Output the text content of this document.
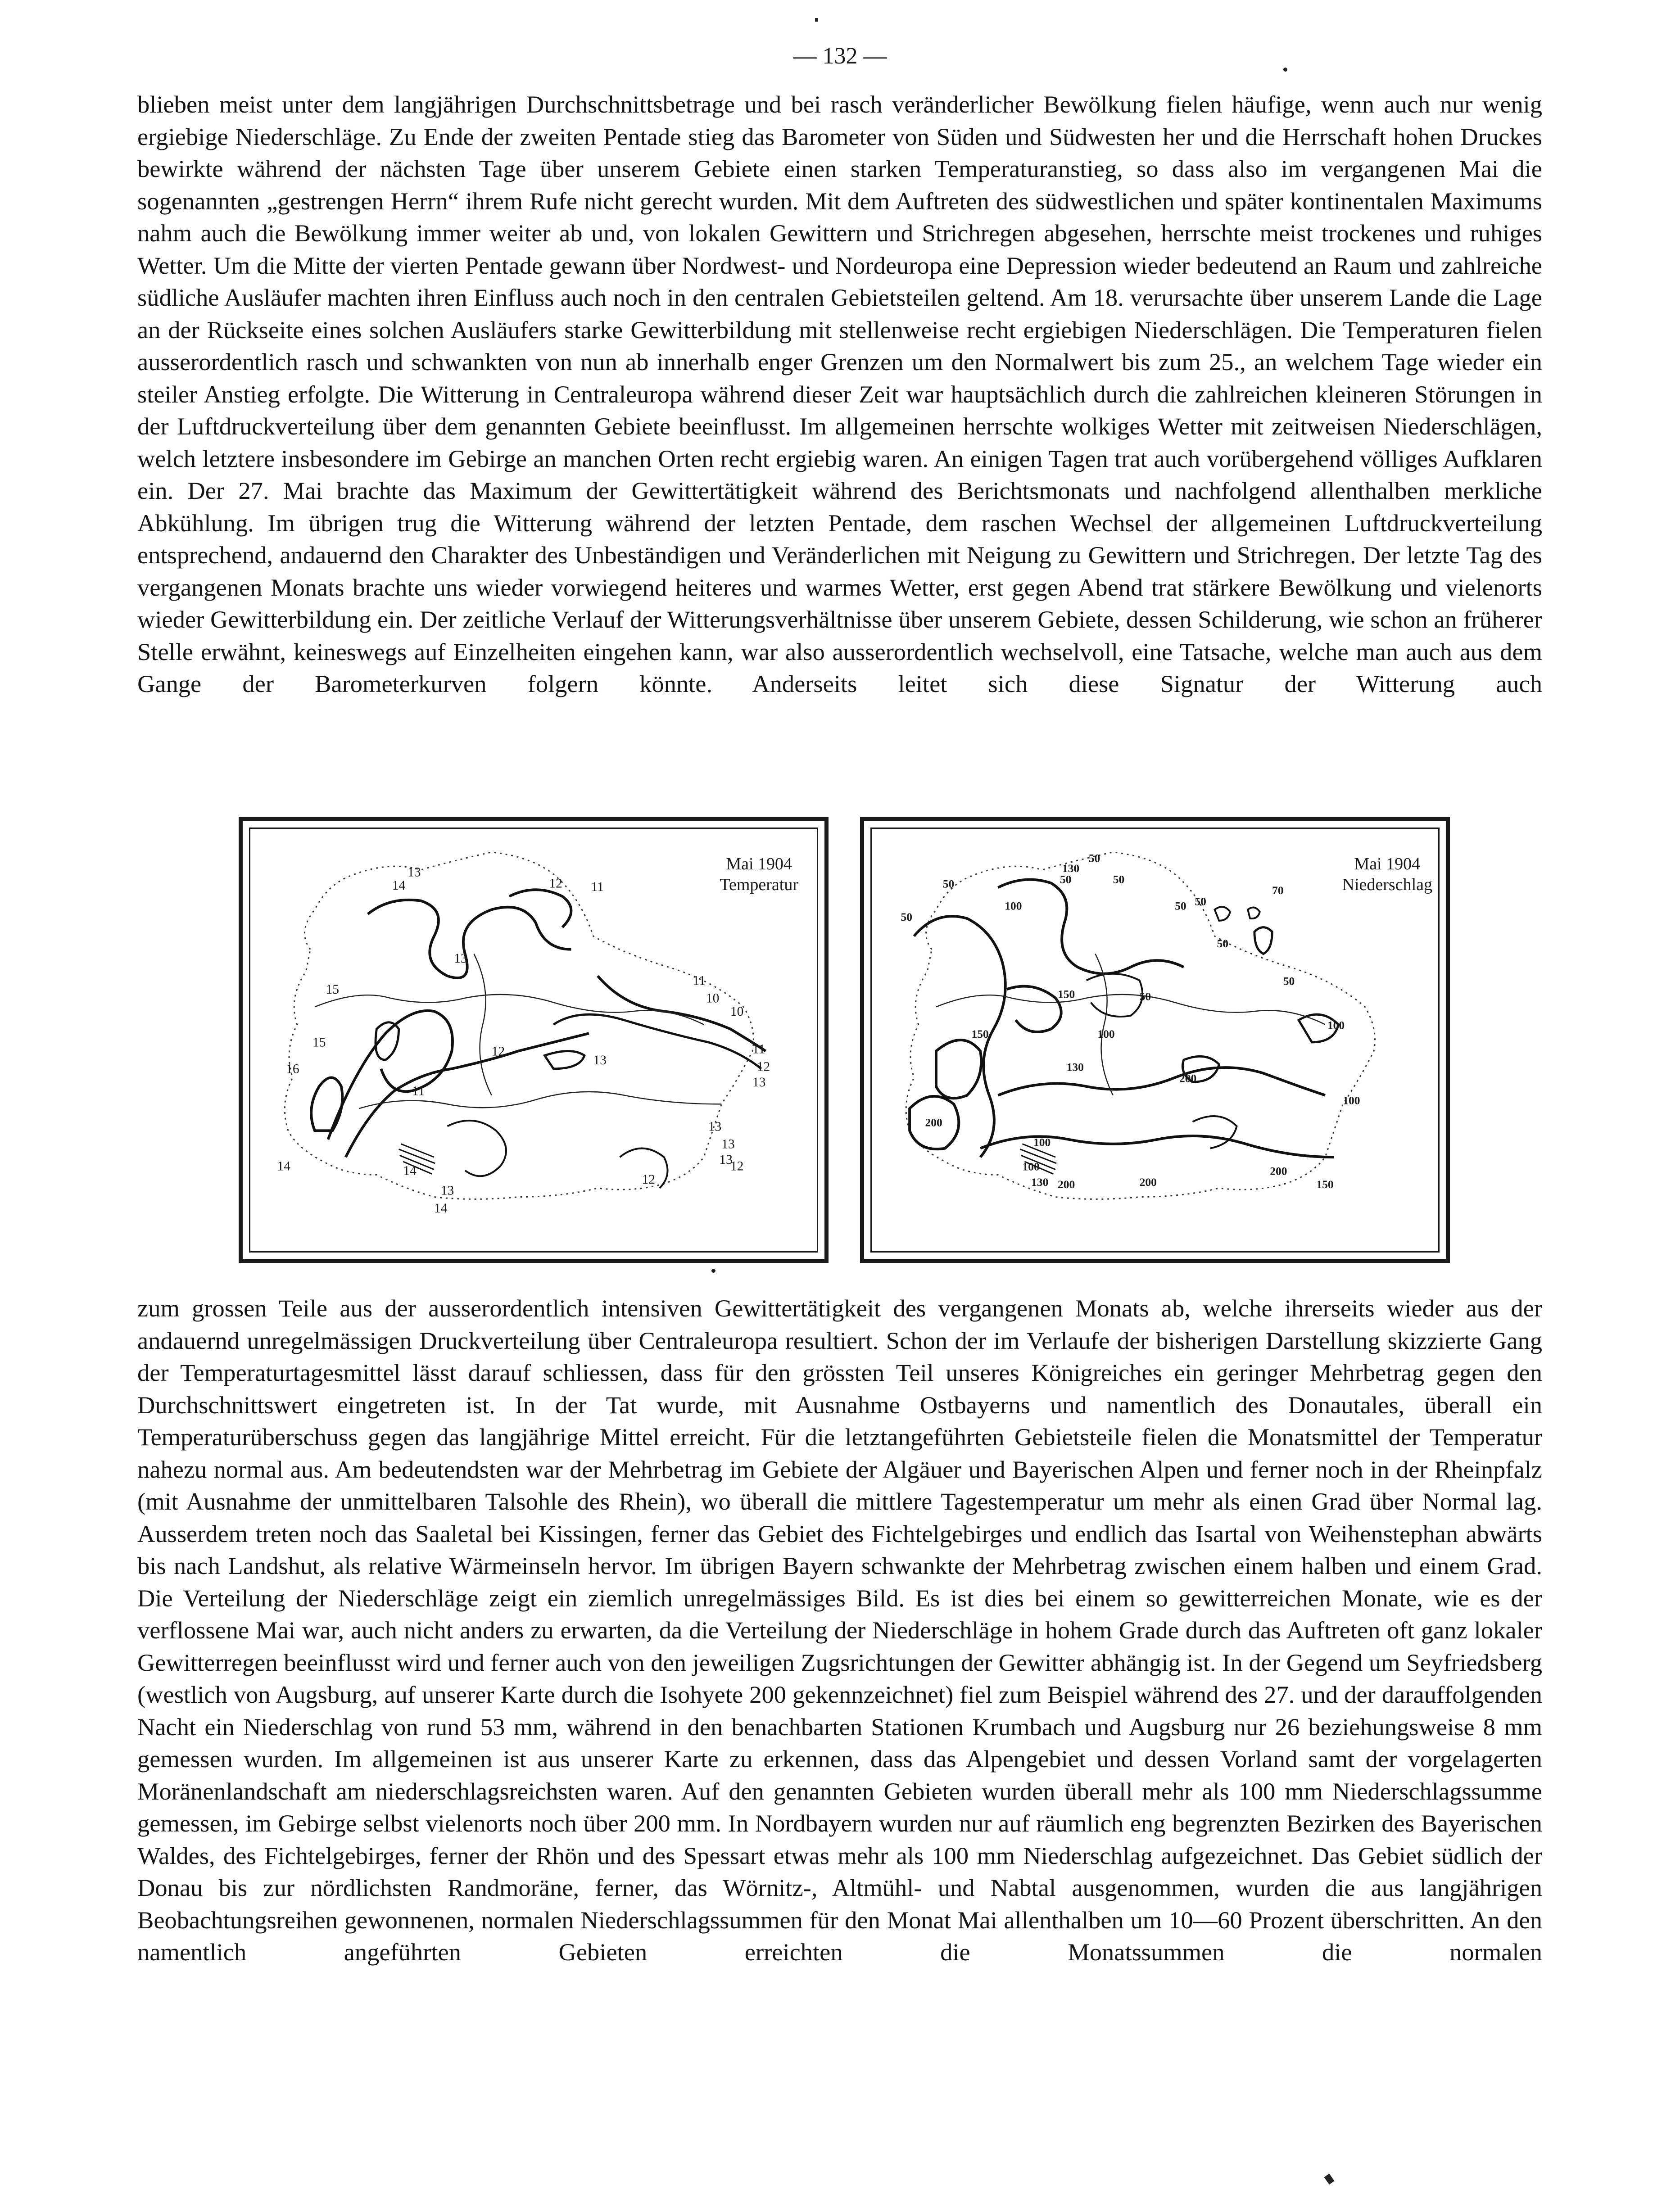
— 132 —

blieben meist unter dem langjährigen Durchschnittsbetrage und bei rasch veränderlicher Bewölkung fielen häufige, wenn auch nur wenig ergiebige Niederschläge. Zu Ende der zweiten Pentade stieg das Barometer von Süden und Südwesten her und die Herrschaft hohen Druckes bewirkte während der nächsten Tage über unserem Gebiete einen starken Temperaturanstieg, so dass also im vergangenen Mai die sogenannten „gestrengen Herrn“ ihrem Rufe nicht gerecht wurden. Mit dem Auftreten des südwestlichen und später kontinentalen Maximums nahm auch die Bewölkung immer weiter ab und, von lokalen Gewittern und Strichregen abgesehen, herrschte meist trockenes und ruhiges Wetter. Um die Mitte der vierten Pentade gewann über Nordwest- und Nordeuropa eine Depression wieder bedeutend an Raum und zahlreiche südliche Ausläufer machten ihren Einfluss auch noch in den centralen Gebietsteilen geltend. Am 18. verursachte über unserem Lande die Lage an der Rückseite eines solchen Ausläufers starke Gewitterbildung mit stellenweise recht ergiebigen Niederschlägen. Die Temperaturen fielen ausserordentlich rasch und schwankten von nun ab innerhalb enger Grenzen um den Normalwert bis zum 25., an welchem Tage wieder ein steiler Anstieg erfolgte. Die Witterung in Centraleuropa während dieser Zeit war hauptsächlich durch die zahlreichen kleineren Störungen in der Luftdruckverteilung über dem genannten Gebiete beeinflusst. Im allgemeinen herrschte wolkiges Wetter mit zeitweisen Niederschlägen, welch letztere insbesondere im Gebirge an manchen Orten recht ergiebig waren. An einigen Tagen trat auch vorübergehend völliges Aufklaren ein. Der 27. Mai brachte das Maximum der Gewittertätigkeit während des Berichtsmonats und nachfolgend allenthalben merkliche Abkühlung. Im übrigen trug die Witterung während der letzten Pentade, dem raschen Wechsel der allgemeinen Luftdruckverteilung entsprechend, andauernd den Charakter des Unbeständigen und Veränderlichen mit Neigung zu Gewittern und Strichregen. Der letzte Tag des vergangenen Monats brachte uns wieder vorwiegend heiteres und warmes Wetter, erst gegen Abend trat stärkere Bewölkung und vielenorts wieder Gewitterbildung ein. Der zeitliche Verlauf der Witterungsverhältnisse über unserem Gebiete, dessen Schilderung, wie schon an früherer Stelle erwähnt, keineswegs auf Einzelheiten eingehen kann, war also ausserordentlich wechselvoll, eine Tatsache, welche man auch aus dem Gange der Barometerkurven folgern könnte. Anderseits leitet sich diese Signatur der Witterung auch

13
14	12 11
13
15
11
10
10
15
12
13
11
16
11
12
13
13
14	14
13
13
12
12
13
14
Mai 1904
Temperatur
130
50
50
50
50
100
50
50
70
50
50
50
100
150	50
100
150
130
200
100
200
100
100
130 200	200
200
150
Mai 1904
Niederschlag

zum grossen Teile aus der ausserordentlich intensiven Gewittertätigkeit des vergangenen Monats ab, welche ihrerseits wieder aus der andauernd unregelmässigen Druckverteilung über Centraleuropa resultiert. Schon der im Verlaufe der bisherigen Darstellung skizzierte Gang der Temperaturtagesmittel lässt darauf schliessen, dass für den grössten Teil unseres Königreiches ein geringer Mehrbetrag gegen den Durchschnittswert eingetreten ist. In der Tat wurde, mit Ausnahme Ostbayerns und namentlich des Donautales, überall ein Temperaturüberschuss gegen das langjährige Mittel erreicht. Für die letztangeführten Gebietsteile fielen die Monatsmittel der Temperatur nahezu normal aus. Am bedeutendsten war der Mehrbetrag im Gebiete der Algäuer und Bayerischen Alpen und ferner noch in der Rheinpfalz (mit Ausnahme der unmittelbaren Talsohle des Rhein), wo überall die mittlere Tagestemperatur um mehr als einen Grad über Normal lag. Ausserdem treten noch das Saaletal bei Kissingen, ferner das Gebiet des Fichtelgebirges und endlich das Isartal von Weihenstephan abwärts bis nach Landshut, als relative Wärmeinseln hervor. Im übrigen Bayern schwankte der Mehrbetrag zwischen einem halben und einem Grad. Die Verteilung der Niederschläge zeigt ein ziemlich unregelmässiges Bild. Es ist dies bei einem so gewitterreichen Monate, wie es der verflossene Mai war, auch nicht anders zu erwarten, da die Verteilung der Niederschläge in hohem Grade durch das Auftreten oft ganz lokaler Gewitterregen beeinflusst wird und ferner auch von den jeweiligen Zugsrichtungen der Gewitter abhängig ist. In der Gegend um Seyfriedsberg (westlich von Augsburg, auf unserer Karte durch die Isohyete 200 gekennzeichnet) fiel zum Beispiel während des 27. und der darauffolgenden Nacht ein Niederschlag von rund 53 mm, während in den benachbarten Stationen Krumbach und Augsburg nur 26 beziehungsweise 8 mm gemessen wurden. Im allgemeinen ist aus unserer Karte zu erkennen, dass das Alpengebiet und dessen Vorland samt der vorgelagerten Moränenlandschaft am niederschlagsreichsten waren. Auf den genannten Gebieten wurden überall mehr als 100 mm Niederschlagssumme gemessen, im Gebirge selbst vielenorts noch über 200 mm. In Nordbayern wurden nur auf räumlich eng begrenzten Bezirken des Bayerischen Waldes, des Fichtelgebirges, ferner der Rhön und des Spessart etwas mehr als 100 mm Niederschlag aufgezeichnet. Das Gebiet südlich der Donau bis zur nördlichsten Randmoräne, ferner, das Wörnitz-, Altmühl- und Nabtal ausgenommen, wurden die aus langjährigen Beobachtungsreihen gewonnenen, normalen Niederschlagssummen für den Monat Mai allenthalben um 10—60 Prozent überschritten. An den namentlich angeführten Gebieten erreichten die Monatssummen die normalen
